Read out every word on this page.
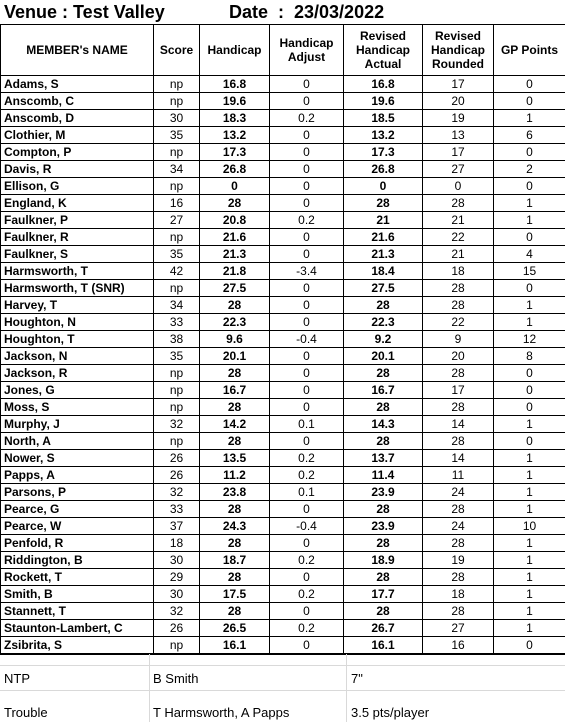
Venue : Test Valley	Date  :  23/03/2022
MEMBER's NAME	Score	Handicap	Handicap Adjust	Revised Handicap Actual	Revised Handicap Rounded	GP Points
Adams, S	np	16.8	0	16.8	17	0
Anscomb, C	np	19.6	0	19.6	20	0
Anscomb, D	30	18.3	0.2	18.5	19	1
Clothier, M	35	13.2	0	13.2	13	6
Compton, P	np	17.3	0	17.3	17	0
Davis, R	34	26.8	0	26.8	27	2
Ellison, G	np	0	0	0	0	0
England, K	16	28	0	28	28	1
Faulkner, P	27	20.8	0.2	21	21	1
Faulkner, R	np	21.6	0	21.6	22	0
Faulkner, S	35	21.3	0	21.3	21	4
Harmsworth, T	42	21.8	-3.4	18.4	18	15
Harmsworth, T (SNR)	np	27.5	0	27.5	28	0
Harvey, T	34	28	0	28	28	1
Houghton, N	33	22.3	0	22.3	22	1
Houghton, T	38	9.6	-0.4	9.2	9	12
Jackson, N	35	20.1	0	20.1	20	8
Jackson, R	np	28	0	28	28	0
Jones, G	np	16.7	0	16.7	17	0
Moss, S	np	28	0	28	28	0
Murphy, J	32	14.2	0.1	14.3	14	1
North, A	np	28	0	28	28	0
Nower, S	26	13.5	0.2	13.7	14	1
Papps, A	26	11.2	0.2	11.4	11	1
Parsons, P	32	23.8	0.1	23.9	24	1
Pearce, G	33	28	0	28	28	1
Pearce, W	37	24.3	-0.4	23.9	24	10
Penfold, R	18	28	0	28	28	1
Riddington, B	30	18.7	0.2	18.9	19	1
Rockett, T	29	28	0	28	28	1
Smith, B	30	17.5	0.2	17.7	18	1
Stannett, T	32	28	0	28	28	1
Staunton-Lambert, C	26	26.5	0.2	26.7	27	1
Zsibrita, S	np	16.1	0	16.1	16	0
NTP	B Smith	7"
Trouble	T Harmsworth, A Papps	3.5 pts/player
